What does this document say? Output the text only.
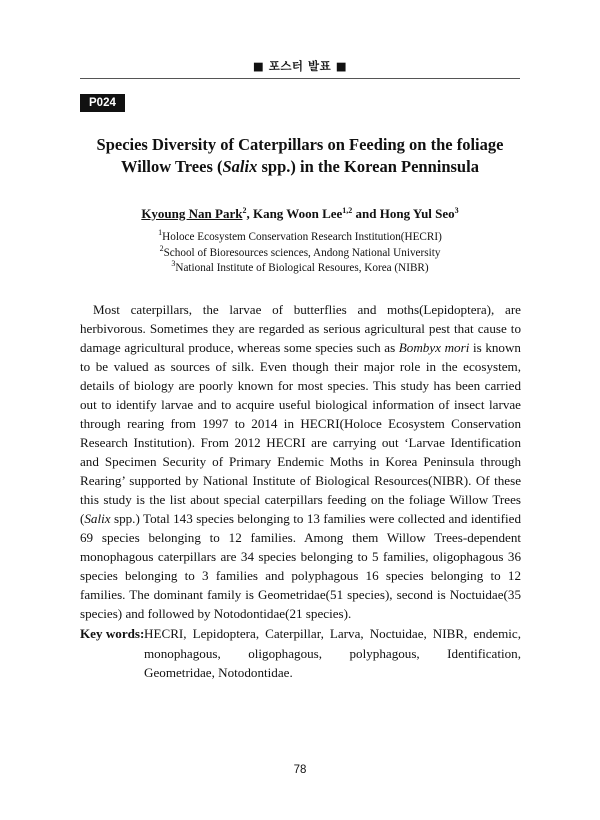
■ 포스터 발표 ■
P024
Species Diversity of Caterpillars on Feeding on the foliage
Willow Trees (Salix spp.) in the Korean Penninsula
Kyoung Nan Park$^2$, Kang Woon Lee$^{1,2}$ and Hong Yul Seo$^3$
$^1$Holoce Ecosystem Conservation Research Institution(HECRI)
$^2$School of Bioresources sciences, Andong National University
$^3$National Institute of Biological Resoures, Korea (NIBR)

Most caterpillars, the larvae of butterflies and moths(Lepidoptera), are herbivorous. Sometimes they are regarded as serious agricultural pest that cause to damage agricultural produce, whereas some species such as Bombyx mori is known to be valued as sources of silk. Even though their major role in the ecosystem, details of biology are poorly known for most species. This study has been carried out to identify larvae and to acquire useful biological information of insect larvae through rearing from 1997 to 2014 in HECRI(Holoce Ecosystem Conservation Research Institution). From 2012 HECRI are carrying out ‘Larvae Identification and Specimen Security of Primary Endemic Moths in Korea Peninsula through Rearing’ supported by National Institute of Biological Resources(NIBR). Of these this study is the list about special caterpillars feeding on the foliage Willow Trees (Salix spp.) Total 143 species belonging to 13 families were collected and identified 69 species belonging to 12 families. Among them Willow Trees-dependent monophagous caterpillars are 34 species belonging to 5 families, oligophagous 36 species belonging to 3 families and polyphagous 16 species belonging to 12 families. The dominant family is Geometridae(51 species), second is Noctuidae(35 species) and followed by Notodontidae(21 species).

Key words: HECRI, Lepidoptera, Caterpillar, Larva, Noctuidae, NIBR, endemic, monophagous, oligophagous, polyphagous, Identification, Geometridae, Notodontidae.
78
